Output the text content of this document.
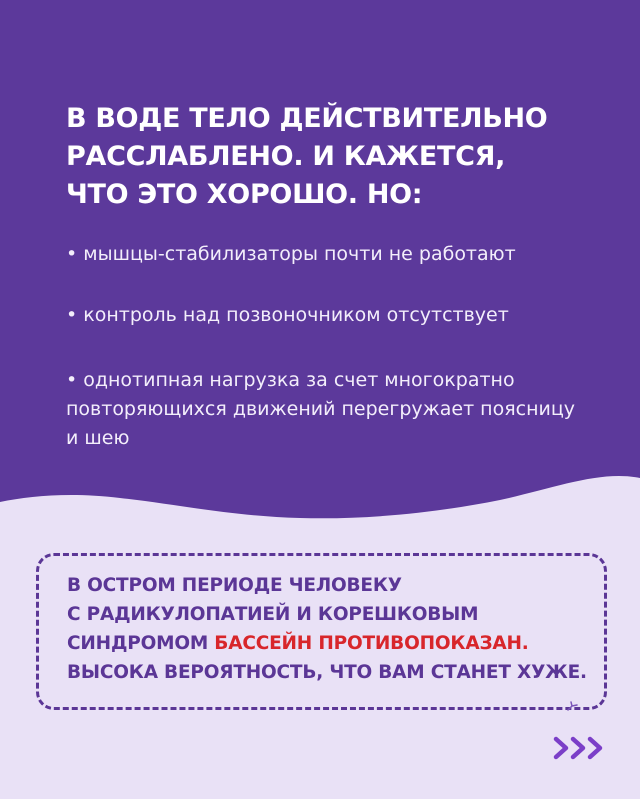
В ВОДЕ ТЕЛО ДЕЙСТВИТЕЛЬНО
РАССЛАБЛЕНО. И КАЖЕТСЯ,
ЧТО ЭТО ХОРОШО. НО:
• мышцы-стабилизаторы почти не работают
• контроль над позвоночником отсутствует
• однотипная нагрузка за счет многократно повторяющихся движений перегружает поясницу и шею
В ОСТРОМ ПЕРИОДЕ ЧЕЛОВЕКУ
С РАДИКУЛОПАТИЕЙ И КОРЕШКОВЫМ
СИНДРОМОМ БАССЕЙН ПРОТИВОПОКАЗАН.
ВЫСОКА ВЕРОЯТНОСТЬ, ЧТО ВАМ СТАНЕТ ХУЖЕ.
